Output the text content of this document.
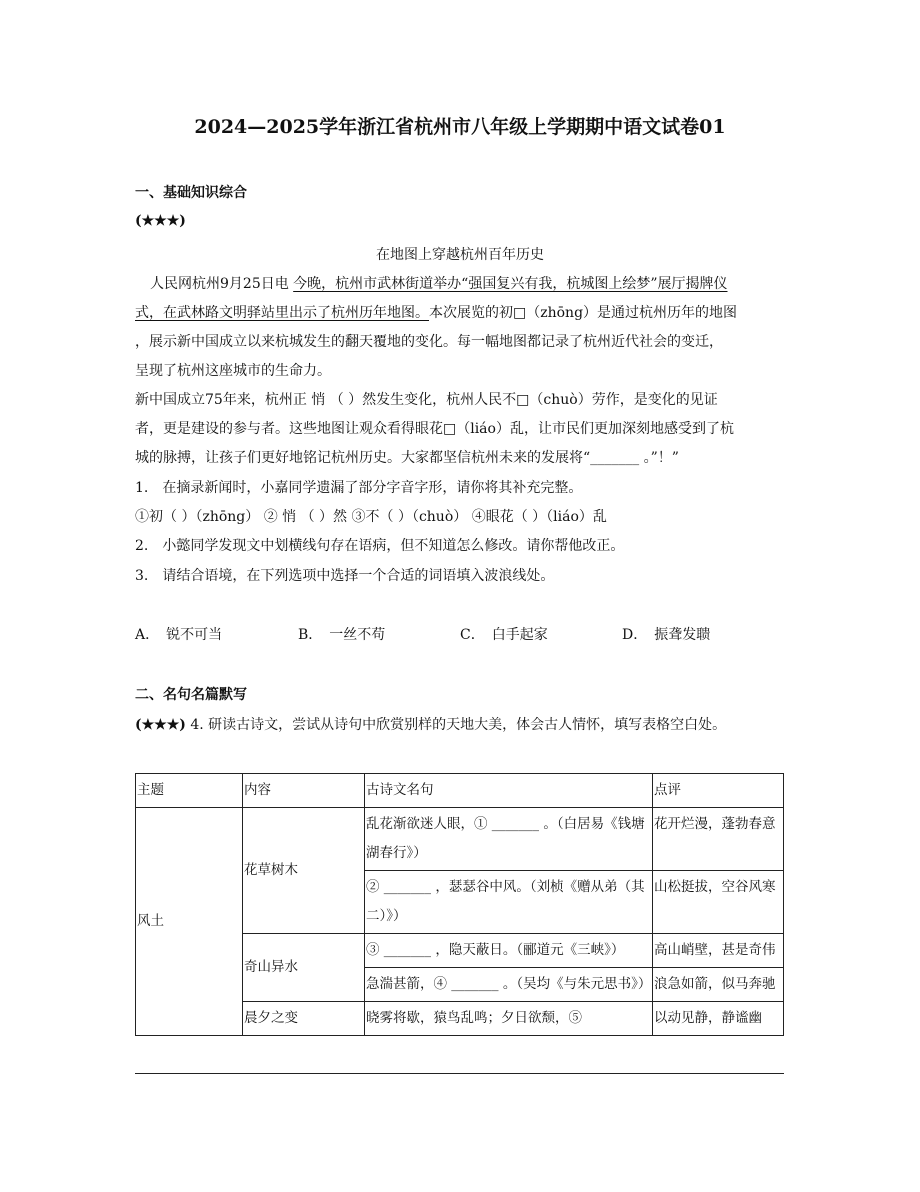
2024—2025学年浙江省杭州市八年级上学期期中语文试卷01
一、基础知识综合
(★★★)
在地图上穿越杭州百年历史
人民网杭州9月25日电 今晚，杭州市武林街道举办“强国复兴有我，杭城图上绘梦”展厅揭牌仪
式，在武林路文明驿站里出示了杭州历年地图。本次展览的初□（zhōng）是通过杭州历年的地图
，展示新中国成立以来杭城发生的翻天覆地的变化。每一幅地图都记录了杭州近代社会的变迁，
呈现了杭州这座城市的生命力。
新中国成立75年来，杭州正 悄 （ ）然发生变化，杭州人民不□（chuò）劳作，是变化的见证
者，更是建设的参与者。这些地图让观众看得眼花□（liáo）乱，让市民们更加深刻地感受到了杭
城的脉搏，让孩子们更好地铭记杭州历史。大家都坚信杭州未来的发展将“_______ 。”！”
1.　在摘录新闻时，小嘉同学遗漏了部分字音字形，请你将其补充完整。
①初（ ）（zhōng） ② 悄 （ ）然 ③不（ ）（chuò） ④眼花（ ）（liáo）乱
2.　小懿同学发现文中划横线句存在语病，但不知道怎么修改。请你帮他改正。
3.　请结合语境，在下列选项中选择一个合适的词语填入波浪线处。
A．　锐不可当	B．　一丝不苟	C．　白手起家	D．　振聋发聩
二、名句名篇默写
(★★★) 4. 研读古诗文，尝试从诗句中欣赏别样的天地大美，体会古人情怀，填写表格空白处。
主题	内容	古诗文名句	点评
风土	花草树木	乱花渐欲迷人眼，① _______ 。（白居易《钱塘湖春行》）	花开烂漫，蓬勃春意
		② _______ ，瑟瑟谷中风。（刘桢《赠从弟（其二）》）	山松挺拔，空谷风寒
	奇山异水	③ _______ ，隐天蔽日。（郦道元《三峡》）	高山峭壁，甚是奇伟
		急湍甚箭，④ _______ 。（吴均《与朱元思书》）	浪急如箭，似马奔驰
	晨夕之变	晓雾将歇，猿鸟乱鸣；夕日欲颓，⑤	以动见静，静谧幽
